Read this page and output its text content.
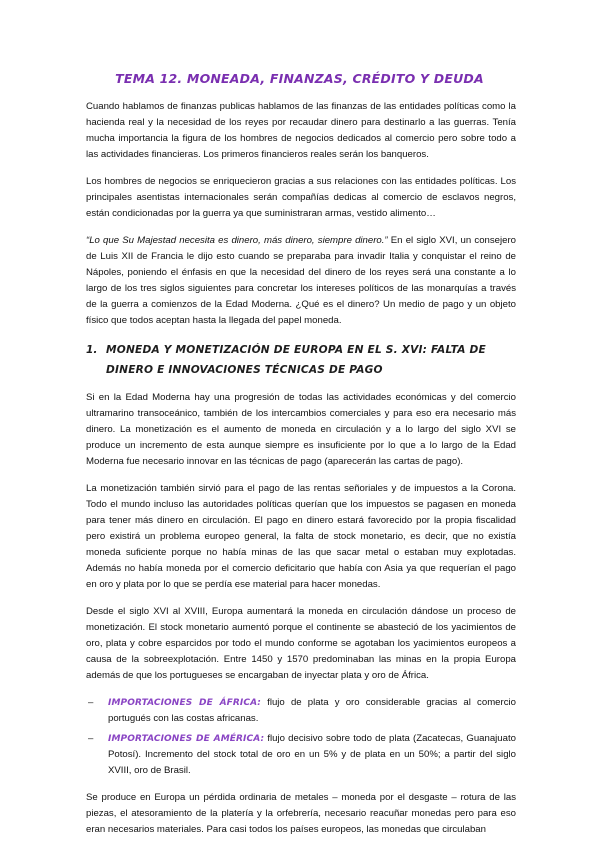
TEMA 12. MONEADA, FINANZAS, CRÉDITO Y DEUDA

Cuando hablamos de finanzas publicas hablamos de las finanzas de las entidades políticas como la hacienda real y la necesidad de los reyes por recaudar dinero para destinarlo a las guerras. Tenía mucha importancia la figura de los hombres de negocios dedicados al comercio pero sobre todo a las actividades financieras. Los primeros financieros reales serán los banqueros.

Los hombres de negocios se enriquecieron gracias a sus relaciones con las entidades políticas. Los principales asentistas internacionales serán compañías dedicas al comercio de esclavos negros, están condicionadas por la guerra ya que suministraran armas, vestido alimento…

“Lo que Su Majestad necesita es dinero, más dinero, siempre dinero.” En el siglo XVI, un consejero de Luis XII de Francia le dijo esto cuando se preparaba para invadir Italia y conquistar el reino de Nápoles, poniendo el énfasis en que la necesidad del dinero de los reyes será una constante a lo largo de los tres siglos siguientes para concretar los intereses políticos de las monarquías a través de la guerra a comienzos de la Edad Moderna. ¿Qué es el dinero? Un medio de pago y un objeto físico que todos aceptan hasta la llegada del papel moneda.

1. MONEDA Y MONETIZACIÓN DE EUROPA EN EL S. XVI: FALTA DE DINERO E INNOVACIONES TÉCNICAS DE PAGO

Si en la Edad Moderna hay una progresión de todas las actividades económicas y del comercio ultramarino transoceánico, también de los intercambios comerciales y para eso era necesario más dinero. La monetización es el aumento de moneda en circulación y a lo largo del siglo XVI se produce un incremento de esta aunque siempre es insuficiente por lo que a lo largo de la Edad Moderna fue necesario innovar en las técnicas de pago (aparecerán las cartas de pago).

La monetización también sirvió para el pago de las rentas señoriales y de impuestos a la Corona. Todo el mundo incluso las autoridades políticas querían que los impuestos se pagasen en moneda para tener más dinero en circulación. El pago en dinero estará favorecido por la propia fiscalidad pero existirá un problema europeo general, la falta de stock monetario, es decir, que no existía moneda suficiente porque no había minas de las que sacar metal o estaban muy explotadas. Además no había moneda por el comercio deficitario que había con Asia ya que requerían el pago en oro y plata por lo que se perdía ese material para hacer monedas.

Desde el siglo XVI al XVIII, Europa aumentará la moneda en circulación dándose un proceso de monetización. El stock monetario aumentó porque el continente se abasteció de los yacimientos de oro, plata y cobre esparcidos por todo el mundo conforme se agotaban los yacimientos europeos a causa de la sobreexplotación. Entre 1450 y 1570 predominaban las minas en la propia Europa además de que los portugueses se encargaban de inyectar plata y oro de África.

–	IMPORTACIONES DE ÁFRICA: flujo de plata y oro considerable gracias al comercio portugués con las costas africanas.
–	IMPORTACIONES DE AMÉRICA: flujo decisivo sobre todo de plata (Zacatecas, Guanajuato Potosí). Incremento del stock total de oro en un 5% y de plata en un 50%; a partir del siglo XVIII, oro de Brasil.

Se produce en Europa un pérdida ordinaria de metales – moneda por el desgaste – rotura de las piezas, el atesoramiento de la platería y la orfebrería, necesario reacuñar monedas pero para eso eran necesarios materiales. Para casi todos los países europeos, las monedas que circulaban
